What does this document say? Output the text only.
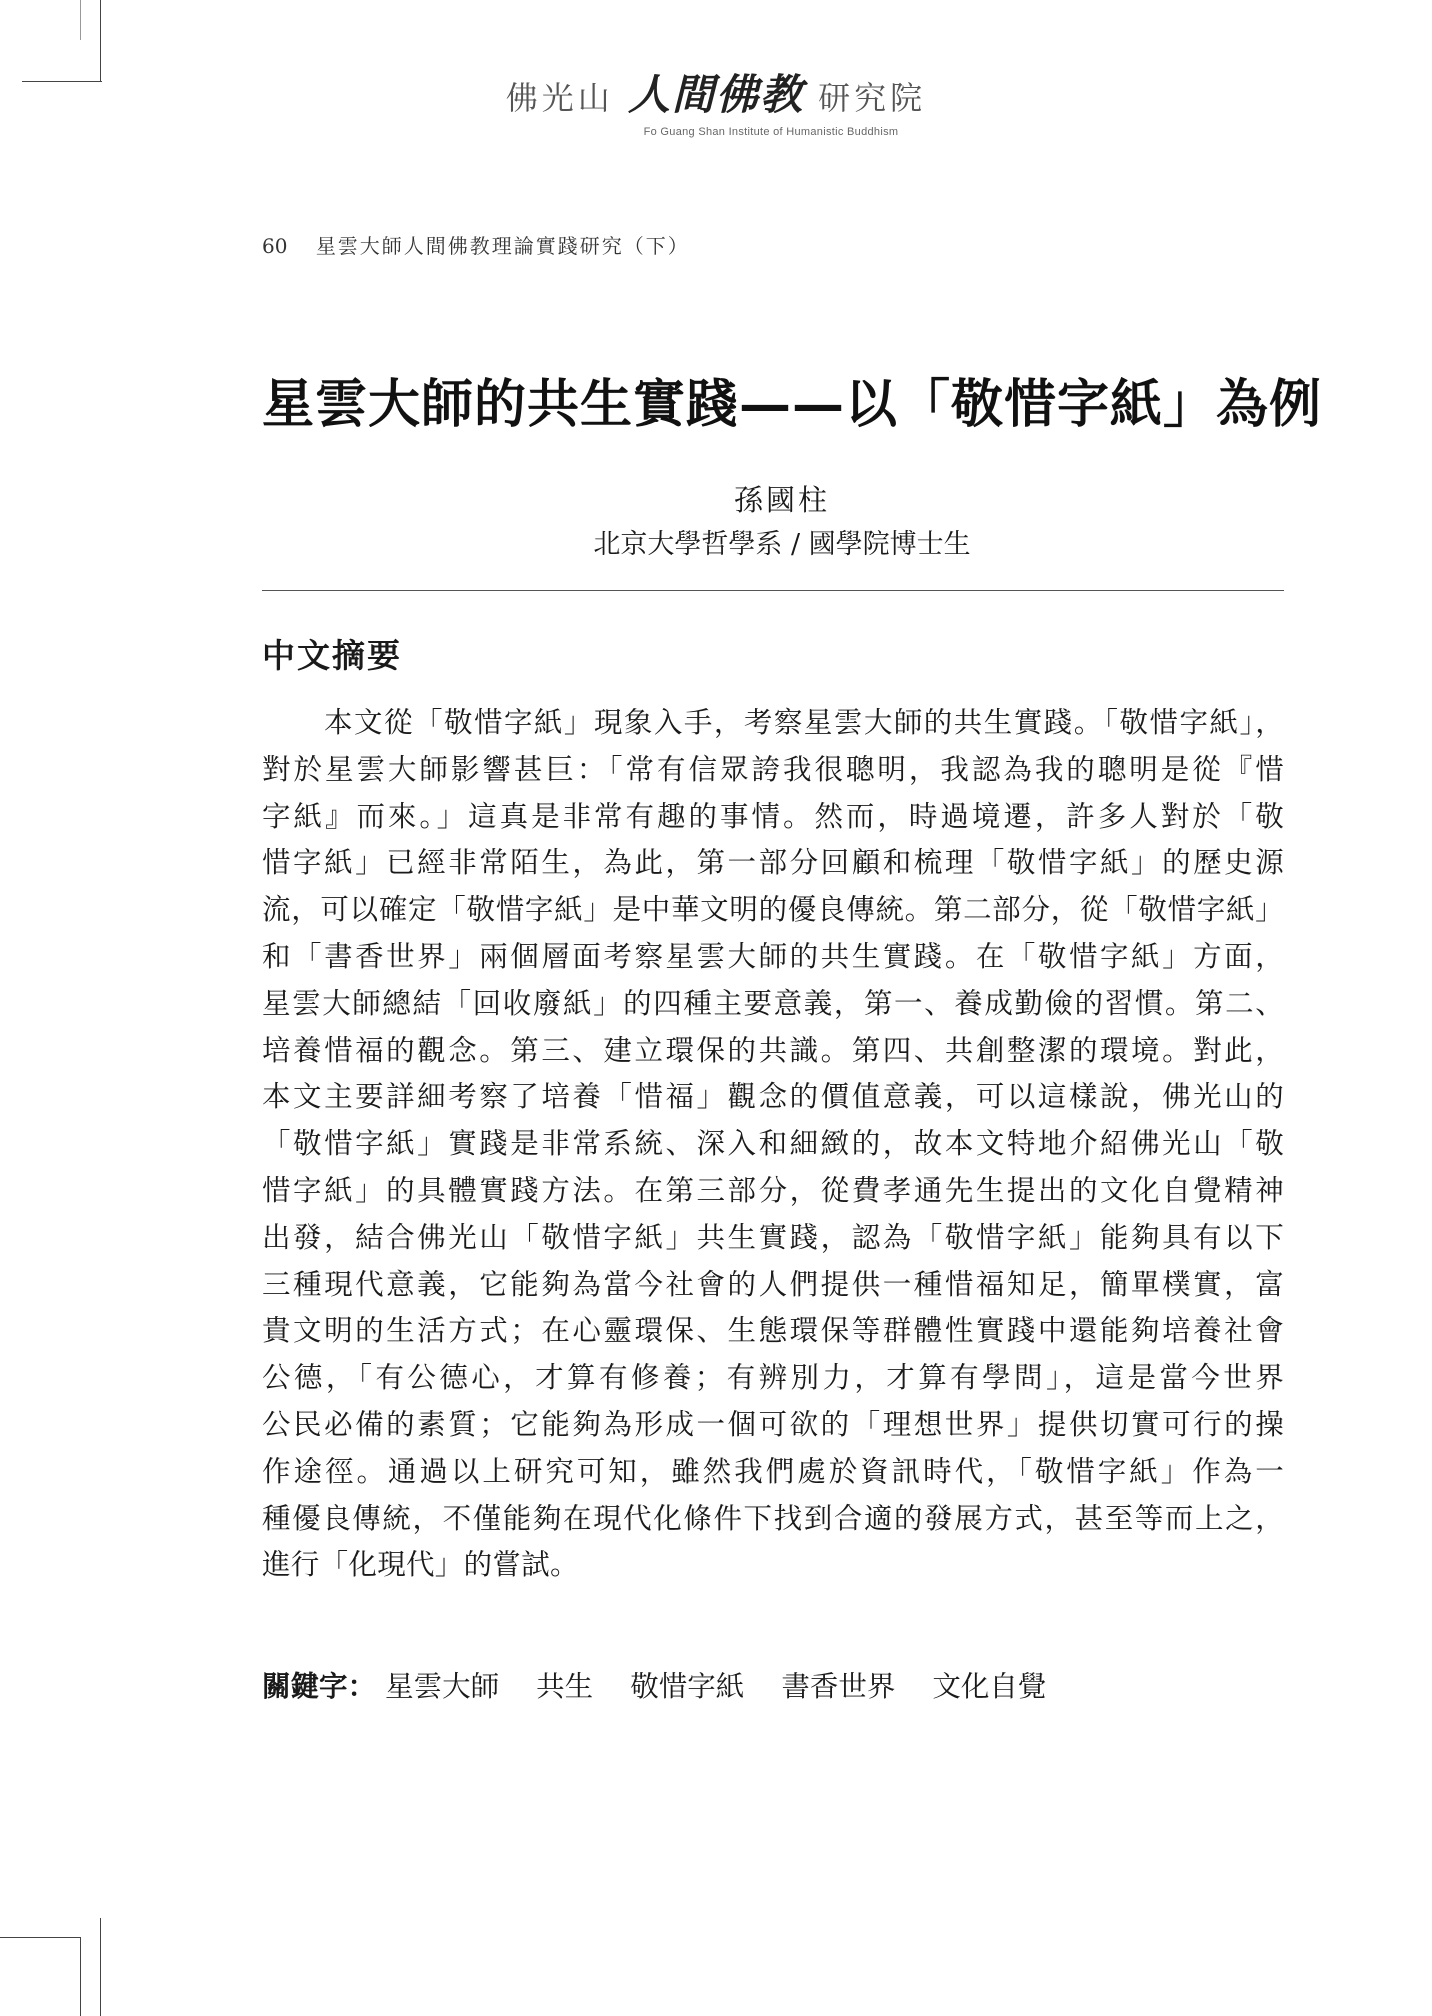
佛光山 人間佛教 研究院
Fo Guang Shan Institute of Humanistic Buddhism
60 星雲大師人間佛教理論實踐研究（下）
星雲大師的共生實踐——以「敬惜字紙」為例
孫國柱
北京大學哲學系 / 國學院博士生
中文摘要
本文從「敬惜字紙」現象入手，考察星雲大師的共生實踐。「敬惜字紙」，
對於星雲大師影響甚巨：「常有信眾誇我很聰明，我認為我的聰明是從『惜
字紙』而來。」這真是非常有趣的事情。然而，時過境遷，許多人對於「敬
惜字紙」已經非常陌生，為此，第一部分回顧和梳理「敬惜字紙」的歷史源
流，可以確定「敬惜字紙」是中華文明的優良傳統。第二部分，從「敬惜字紙」
和「書香世界」兩個層面考察星雲大師的共生實踐。在「敬惜字紙」方面，
星雲大師總結「回收廢紙」的四種主要意義，第一、養成勤儉的習慣。第二、
培養惜福的觀念。第三、建立環保的共識。第四、共創整潔的環境。對此，
本文主要詳細考察了培養「惜福」觀念的價值意義，可以這樣說，佛光山的
「敬惜字紙」實踐是非常系統、深入和細緻的，故本文特地介紹佛光山「敬
惜字紙」的具體實踐方法。在第三部分，從費孝通先生提出的文化自覺精神
出發，結合佛光山「敬惜字紙」共生實踐，認為「敬惜字紙」能夠具有以下
三種現代意義，它能夠為當今社會的人們提供一種惜福知足，簡單樸實，富
貴文明的生活方式；在心靈環保、生態環保等群體性實踐中還能夠培養社會
公德，「有公德心，才算有修養；有辨別力，才算有學問」，這是當今世界
公民必備的素質；它能夠為形成一個可欲的「理想世界」提供切實可行的操
作途徑。通過以上研究可知，雖然我們處於資訊時代，「敬惜字紙」作為一
種優良傳統，不僅能夠在現代化條件下找到合適的發展方式，甚至等而上之，
進行「化現代」的嘗試。
關鍵字： 星雲大師 共生 敬惜字紙 書香世界 文化自覺
